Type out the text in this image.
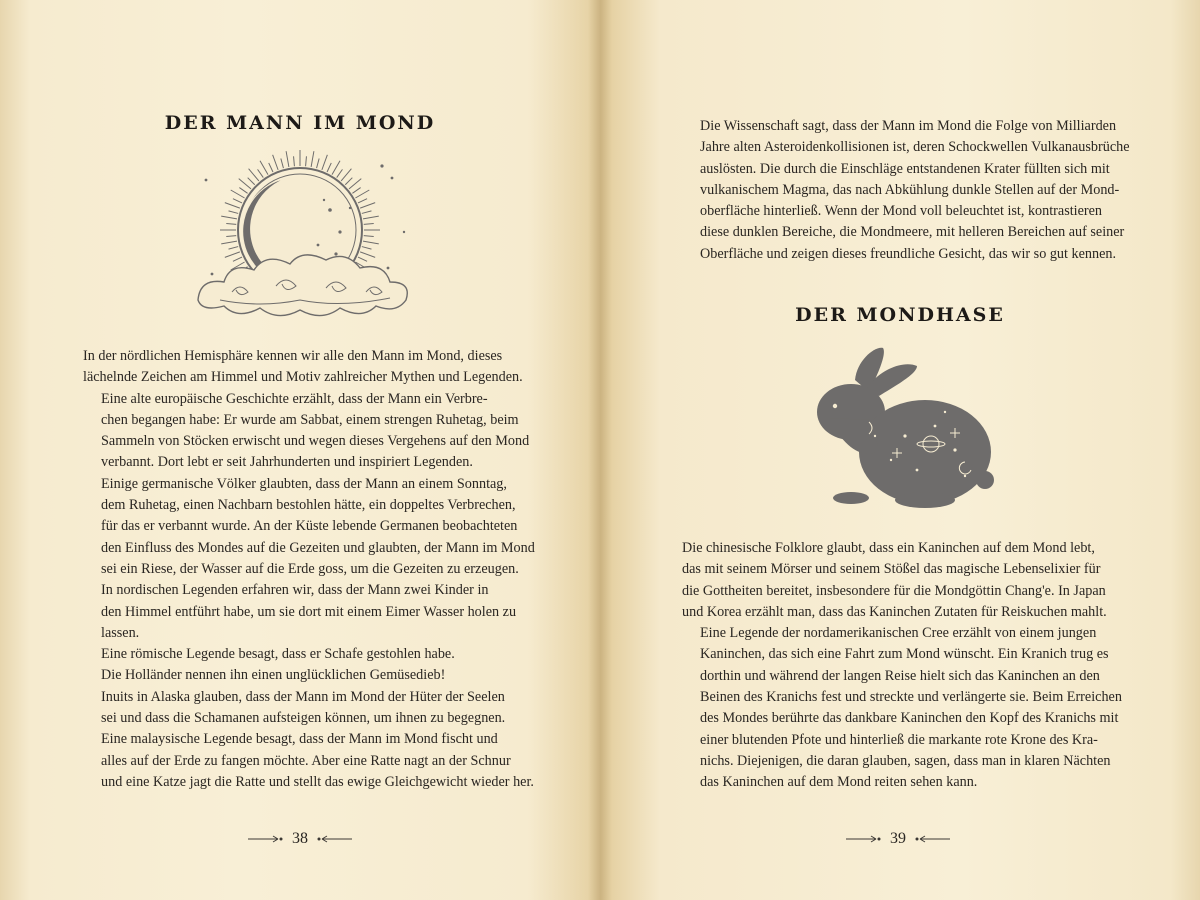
DER MANN IM MOND

In der nördlichen Hemisphäre kennen wir alle den Mann im Mond, dieses
lächelnde Zeichen am Himmel und Motiv zahlreicher Mythen und Legenden.

Eine alte europäische Geschichte erzählt, dass der Mann ein Verbre-
chen begangen habe: Er wurde am Sabbat, einem strengen Ruhetag, beim
Sammeln von Stöcken erwischt und wegen dieses Vergehens auf den Mond
verbannt. Dort lebt er seit Jahrhunderten und inspiriert Legenden.

Einige germanische Völker glaubten, dass der Mann an einem Sonntag,
dem Ruhetag, einen Nachbarn bestohlen hätte, ein doppeltes Verbrechen,
für das er verbannt wurde. An der Küste lebende Germanen beobachteten
den Einfluss des Mondes auf die Gezeiten und glaubten, der Mann im Mond
sei ein Riese, der Wasser auf die Erde goss, um die Gezeiten zu erzeugen.

In nordischen Legenden erfahren wir, dass der Mann zwei Kinder in
den Himmel entführt habe, um sie dort mit einem Eimer Wasser holen zu
lassen.

Eine römische Legende besagt, dass er Schafe gestohlen habe.

Die Holländer nennen ihn einen unglücklichen Gemüsedieb!

Inuits in Alaska glauben, dass der Mann im Mond der Hüter der Seelen
sei und dass die Schamanen aufsteigen können, um ihnen zu begegnen.

Eine malaysische Legende besagt, dass der Mann im Mond fischt und
alles auf der Erde zu fangen möchte. Aber eine Ratte nagt an der Schnur
und eine Katze jagt die Ratte und stellt das ewige Gleichgewicht wieder her.

38

Die Wissenschaft sagt, dass der Mann im Mond die Folge von Milliarden
Jahre alten Asteroidenkollisionen ist, deren Schockwellen Vulkanausbrüche
auslösten. Die durch die Einschläge entstandenen Krater füllten sich mit
vulkanischem Magma, das nach Abkühlung dunkle Stellen auf der Mond-
oberfläche hinterließ. Wenn der Mond voll beleuchtet ist, kontrastieren
diese dunklen Bereiche, die Mondmeere, mit helleren Bereichen auf seiner
Oberfläche und zeigen dieses freundliche Gesicht, das wir so gut kennen.

DER MONDHASE

Die chinesische Folklore glaubt, dass ein Kaninchen auf dem Mond lebt,
das mit seinem Mörser und seinem Stößel das magische Lebenselixier für
die Gottheiten bereitet, insbesondere für die Mondgöttin Chang'e. In Japan
und Korea erzählt man, dass das Kaninchen Zutaten für Reiskuchen mahlt.

Eine Legende der nordamerikanischen Cree erzählt von einem jungen
Kaninchen, das sich eine Fahrt zum Mond wünscht. Ein Kranich trug es
dorthin und während der langen Reise hielt sich das Kaninchen an den
Beinen des Kranichs fest und streckte und verlängerte sie. Beim Erreichen
des Mondes berührte das dankbare Kaninchen den Kopf des Kranichs mit
einer blutenden Pfote und hinterließ die markante rote Krone des Kra-
nichs. Diejenigen, die daran glauben, sagen, dass man in klaren Nächten
das Kaninchen auf dem Mond reiten sehen kann.

39
